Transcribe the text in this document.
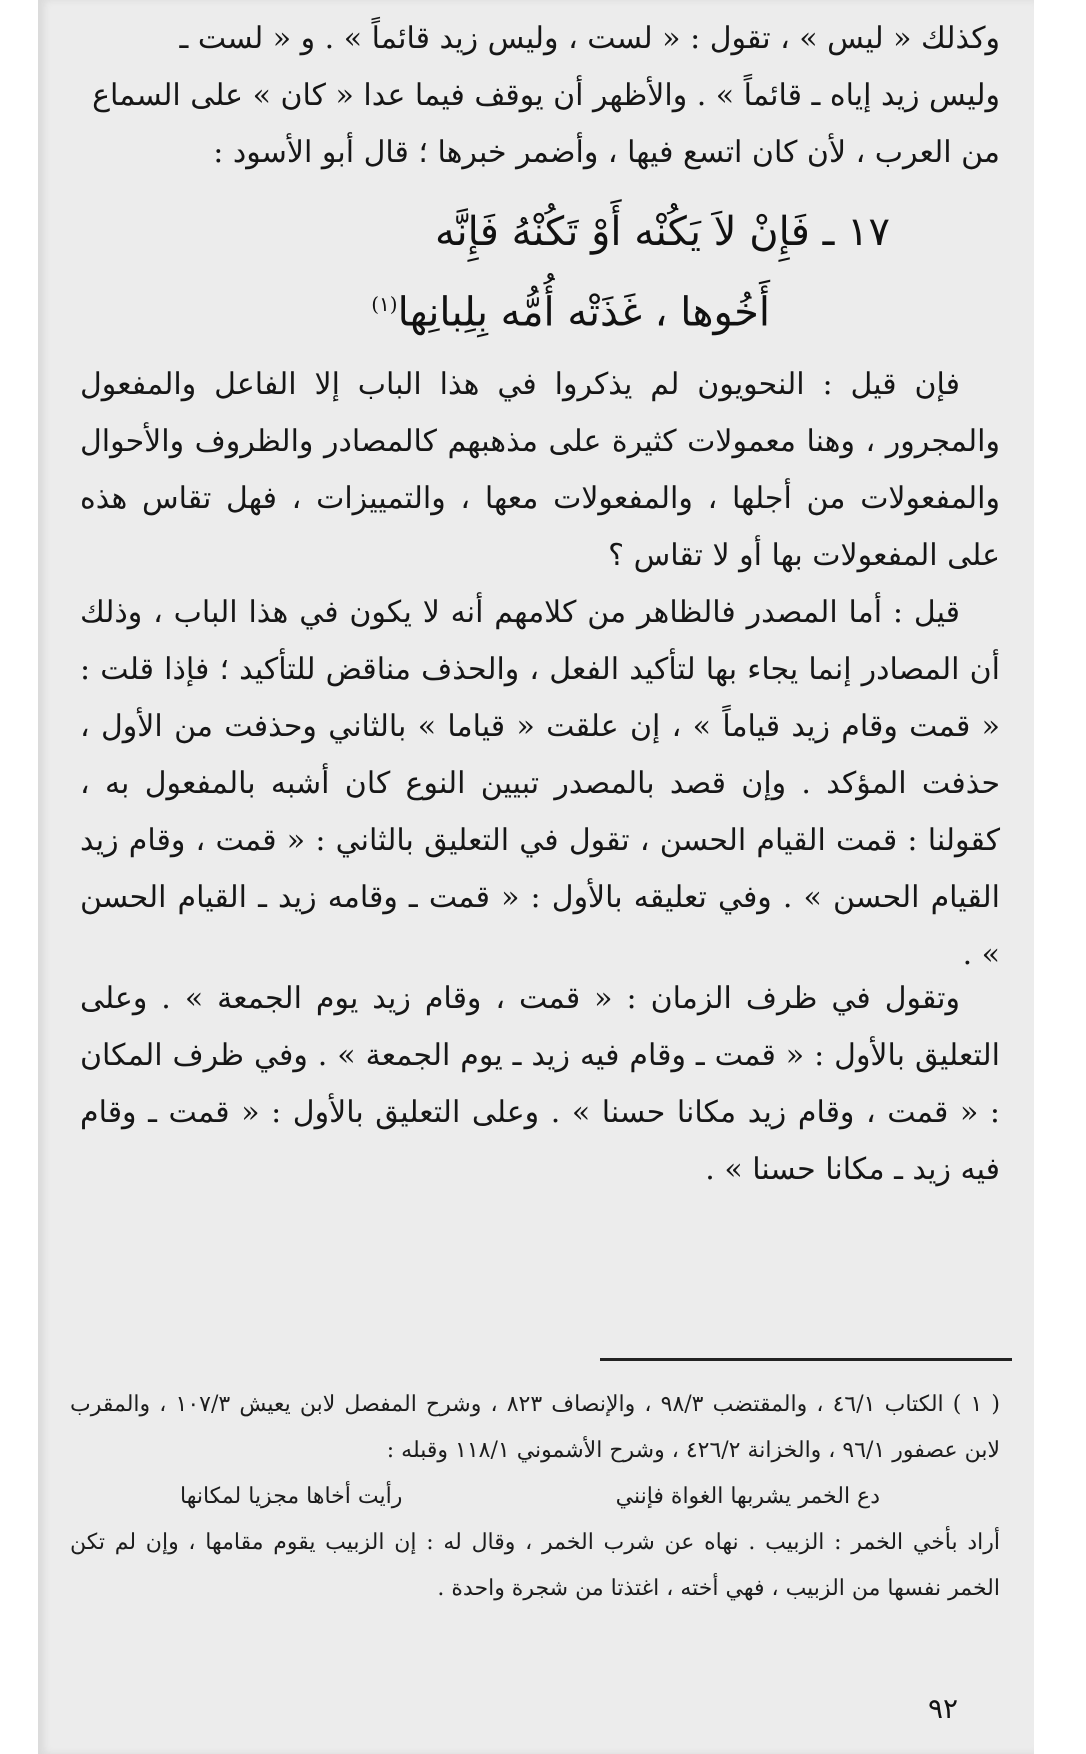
وكذلك « ليس » ، تقول : « لست ، وليس زيد قائماً » . و « لست ـ

وليس زيد إياه ـ قائماً » . والأظهر أن يوقف فيما عدا « كان » على السماع

من العرب ، لأن كان اتسع فيها ، وأضمر خبرها ؛ قال أبو الأسود :

١٧ ـ فَإِنْ لاَ يَكُنْه أَوْ تَكُنْهُ فَإِنَّه
أَخُوها ، غَذَتْه أُمُّه بِلِبانِها$^{(١)}$

فإن قيل : النحويون لم يذكروا في هذا الباب إلا الفاعل والمفعول والمجرور ، وهنا معمولات كثيرة على مذهبهم كالمصادر والظروف والأحوال والمفعولات من أجلها ، والمفعولات معها ، والتمييزات ، فهل تقاس هذه على المفعولات بها أو لا تقاس ؟

قيل : أما المصدر فالظاهر من كلامهم أنه لا يكون في هذا الباب ، وذلك أن المصادر إنما يجاء بها لتأكيد الفعل ، والحذف مناقض للتأكيد ؛ فإذا قلت : « قمت وقام زيد قياماً » ، إن علقت « قياما » بالثاني وحذفت من الأول ، حذفت المؤكد . وإن قصد بالمصدر تبيين النوع كان أشبه بالمفعول به ، كقولنا : قمت القيام الحسن ، تقول في التعليق بالثاني : « قمت ، وقام زيد القيام الحسن » . وفي تعليقه بالأول : « قمت ـ وقامه زيد ـ القيام الحسن » .

وتقول في ظرف الزمان : « قمت ، وقام زيد يوم الجمعة » . وعلى التعليق بالأول : « قمت ـ وقام فيه زيد ـ يوم الجمعة » . وفي ظرف المكان : « قمت ، وقام زيد مكانا حسنا » . وعلى التعليق بالأول : « قمت ـ وقام فيه زيد ـ مكانا حسنا » .

( ١ ) الكتاب ٤٦/١ ، والمقتضب ٩٨/٣ ، والإنصاف ٨٢٣ ، وشرح المفصل لابن يعيش ١٠٧/٣ ، والمقرب لابن عصفور ٩٦/١ ، والخزانة ٤٢٦/٢ ، وشرح الأشموني ١١٨/١ وقبله :

دع الخمر يشربها الغواة فإنني
رأيت أخاها مجزيا لمكانها

أراد بأخي الخمر : الزبيب . نهاه عن شرب الخمر ، وقال له : إن الزبيب يقوم مقامها ، وإن لم تكن الخمر نفسها من الزبيب ، فهي أخته ، اغتذتا من شجرة واحدة .

٩٢
